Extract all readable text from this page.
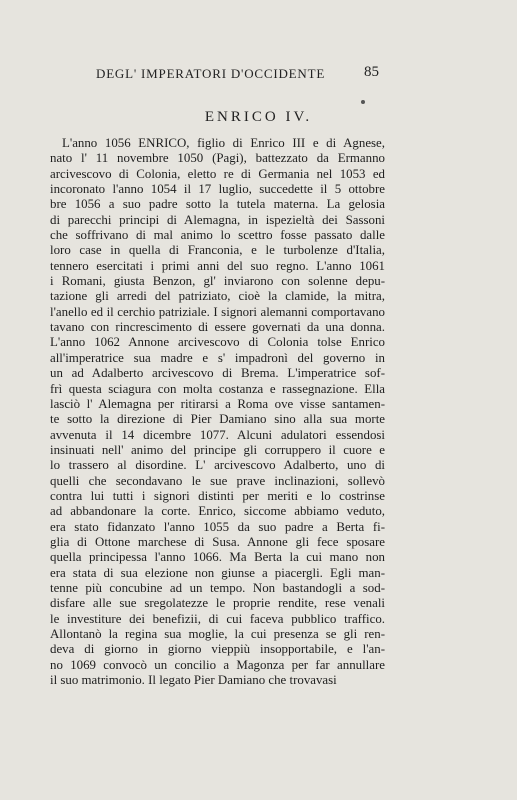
DEGL' IMPERATORI D'OCCIDENTE	85
ENRICO IV.
L'anno 1056 ENRICO, figlio di Enrico III e di Agnese,
nato l' 11 novembre 1050 (Pagi), battezzato da Ermanno
arcivescovo di Colonia, eletto re di Germania nel 1053 ed
incoronato l'anno 1054 il 17 luglio, succedette il 5 ottobre
bre 1056 a suo padre sotto la tutela materna. La gelosia
di parecchi principi di Alemagna, in ispezieltà dei Sassoni
che soffrivano di mal animo lo scettro fosse passato dalle
loro case in quella di Franconia, e le turbolenze d'Italia,
tennero esercitati i primi anni del suo regno. L'anno 1061
i Romani, giusta Benzon, gl' inviarono con solenne depu-
tazione gli arredi del patriziato, cioè la clamide, la mitra,
l'anello ed il cerchio patriziale. I signori alemanni comportavano
tavano con rincrescimento di essere governati da una donna.
L'anno 1062 Annone arcivescovo di Colonia tolse Enrico
all'imperatrice sua madre e s' impadronì del governo in
un ad Adalberto arcivescovo di Brema. L'imperatrice sof-
frì questa sciagura con molta costanza e rassegnazione. Ella
lasciò l' Alemagna per ritirarsi a Roma ove visse santamen-
te sotto la direzione di Pier Damiano sino alla sua morte
avvenuta il 14 dicembre 1077. Alcuni adulatori essendosi
insinuati nell' animo del principe gli corruppero il cuore e
lo trassero al disordine. L' arcivescovo Adalberto, uno di
quelli che secondavano le sue prave inclinazioni, sollevò
contra lui tutti i signori distinti per meriti e lo costrinse
ad abbandonare la corte. Enrico, siccome abbiamo veduto,
era stato fidanzato l'anno 1055 da suo padre a Berta fi-
glia di Ottone marchese di Susa. Annone gli fece sposare
quella principessa l'anno 1066. Ma Berta la cui mano non
era stata di sua elezione non giunse a piacergli. Egli man-
tenne più concubine ad un tempo. Non bastandogli a sod-
disfare alle sue sregolatezze le proprie rendite, rese venali
le investiture dei benefizii, di cui faceva pubblico traffico.
Allontanò la regina sua moglie, la cui presenza se gli ren-
deva di giorno in giorno vieppiù insopportabile, e l'an-
no 1069 convocò un concilio a Magonza per far annullare
il suo matrimonio. Il legato Pier Damiano che trovavasi
